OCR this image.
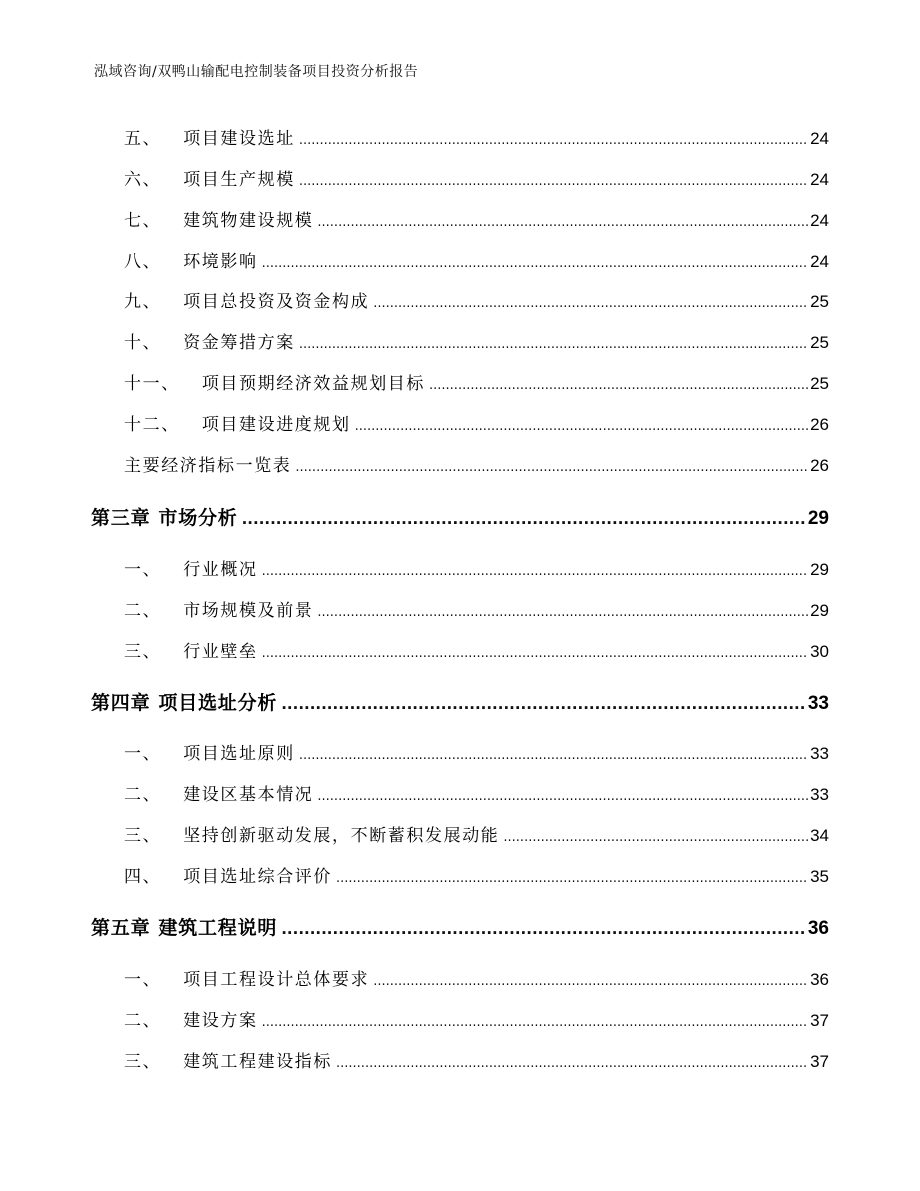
泓域咨询/双鸭山输配电控制装备项目投资分析报告
五、 项目建设选址 .....	24
六、 项目生产规模 .....	24
七、 建筑物建设规模 .....	24
八、 环境影响 .....	24
九、 项目总投资及资金构成 .....	25
十、 资金筹措方案 .....	25
十一、 项目预期经济效益规划目标 .....	25
十二、 项目建设进度规划 .....	26
主要经济指标一览表 .....	26
第三章 市场分析 .....	29
一、 行业概况 .....	29
二、 市场规模及前景 .....	29
三、 行业壁垒 .....	30
第四章 项目选址分析 .....	33
一、 项目选址原则 .....	33
二、 建设区基本情况 .....	33
三、 坚持创新驱动发展，不断蓄积发展动能 .....	34
四、 项目选址综合评价 .....	35
第五章 建筑工程说明 .....	36
一、 项目工程设计总体要求 .....	36
二、 建设方案 .....	37
三、 建筑工程建设指标 .....	37
